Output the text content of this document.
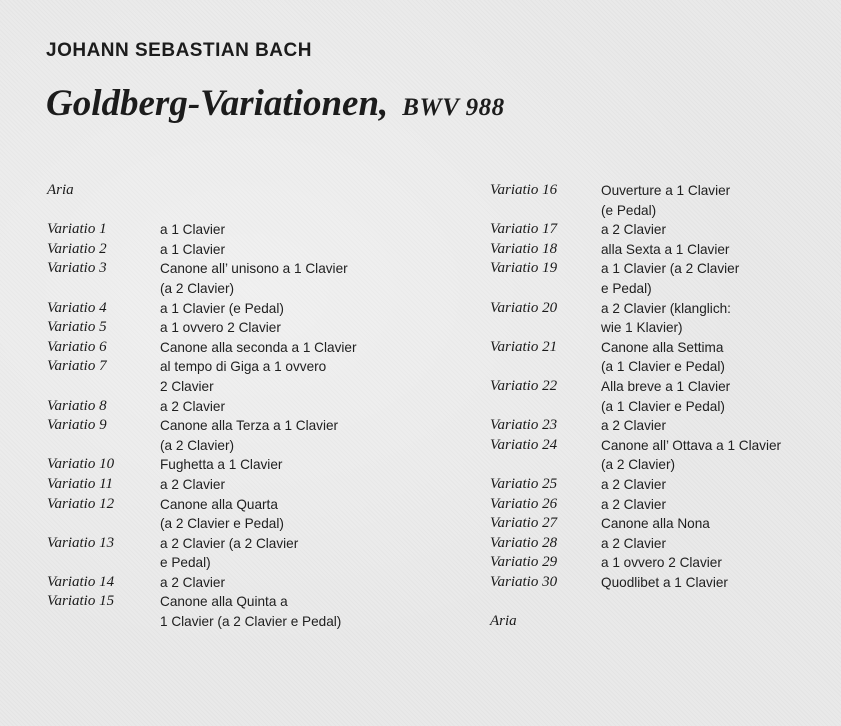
JOHANN SEBASTIAN BACH
Goldberg-Variationen, BWV 988
Aria
Variatio 1	a 1 Clavier
Variatio 2	a 1 Clavier
Variatio 3	Canone all’ unisono a 1 Clavier
(a 2 Clavier)
Variatio 4	a 1 Clavier (e Pedal)
Variatio 5	a 1 ovvero 2 Clavier
Variatio 6	Canone alla seconda a 1 Clavier
Variatio 7	al tempo di Giga a 1 ovvero
2 Clavier
Variatio 8	a 2 Clavier
Variatio 9	Canone alla Terza a 1 Clavier
(a 2 Clavier)
Variatio 10	Fughetta a 1 Clavier
Variatio 11	a 2 Clavier
Variatio 12	Canone alla Quarta
(a 2 Clavier e Pedal)
Variatio 13	a 2 Clavier (a 2 Clavier
e Pedal)
Variatio 14	a 2 Clavier
Variatio 15	Canone alla Quinta a
1 Clavier (a 2 Clavier e Pedal)
Variatio 16	Ouverture a 1 Clavier
(e Pedal)
Variatio 17	a 2 Clavier
Variatio 18	alla Sexta a 1 Clavier
Variatio 19	a 1 Clavier (a 2 Clavier
e Pedal)
Variatio 20	a 2 Clavier (klanglich:
wie 1 Klavier)
Variatio 21	Canone alla Settima
(a 1 Clavier e Pedal)
Variatio 22	Alla breve a 1 Clavier
(a 1 Clavier e Pedal)
Variatio 23	a 2 Clavier
Variatio 24	Canone all’ Ottava a 1 Clavier
(a 2 Clavier)
Variatio 25	a 2 Clavier
Variatio 26	a 2 Clavier
Variatio 27	Canone alla Nona
Variatio 28	a 2 Clavier
Variatio 29	a 1 ovvero 2 Clavier
Variatio 30	Quodlibet a 1 Clavier
Aria
